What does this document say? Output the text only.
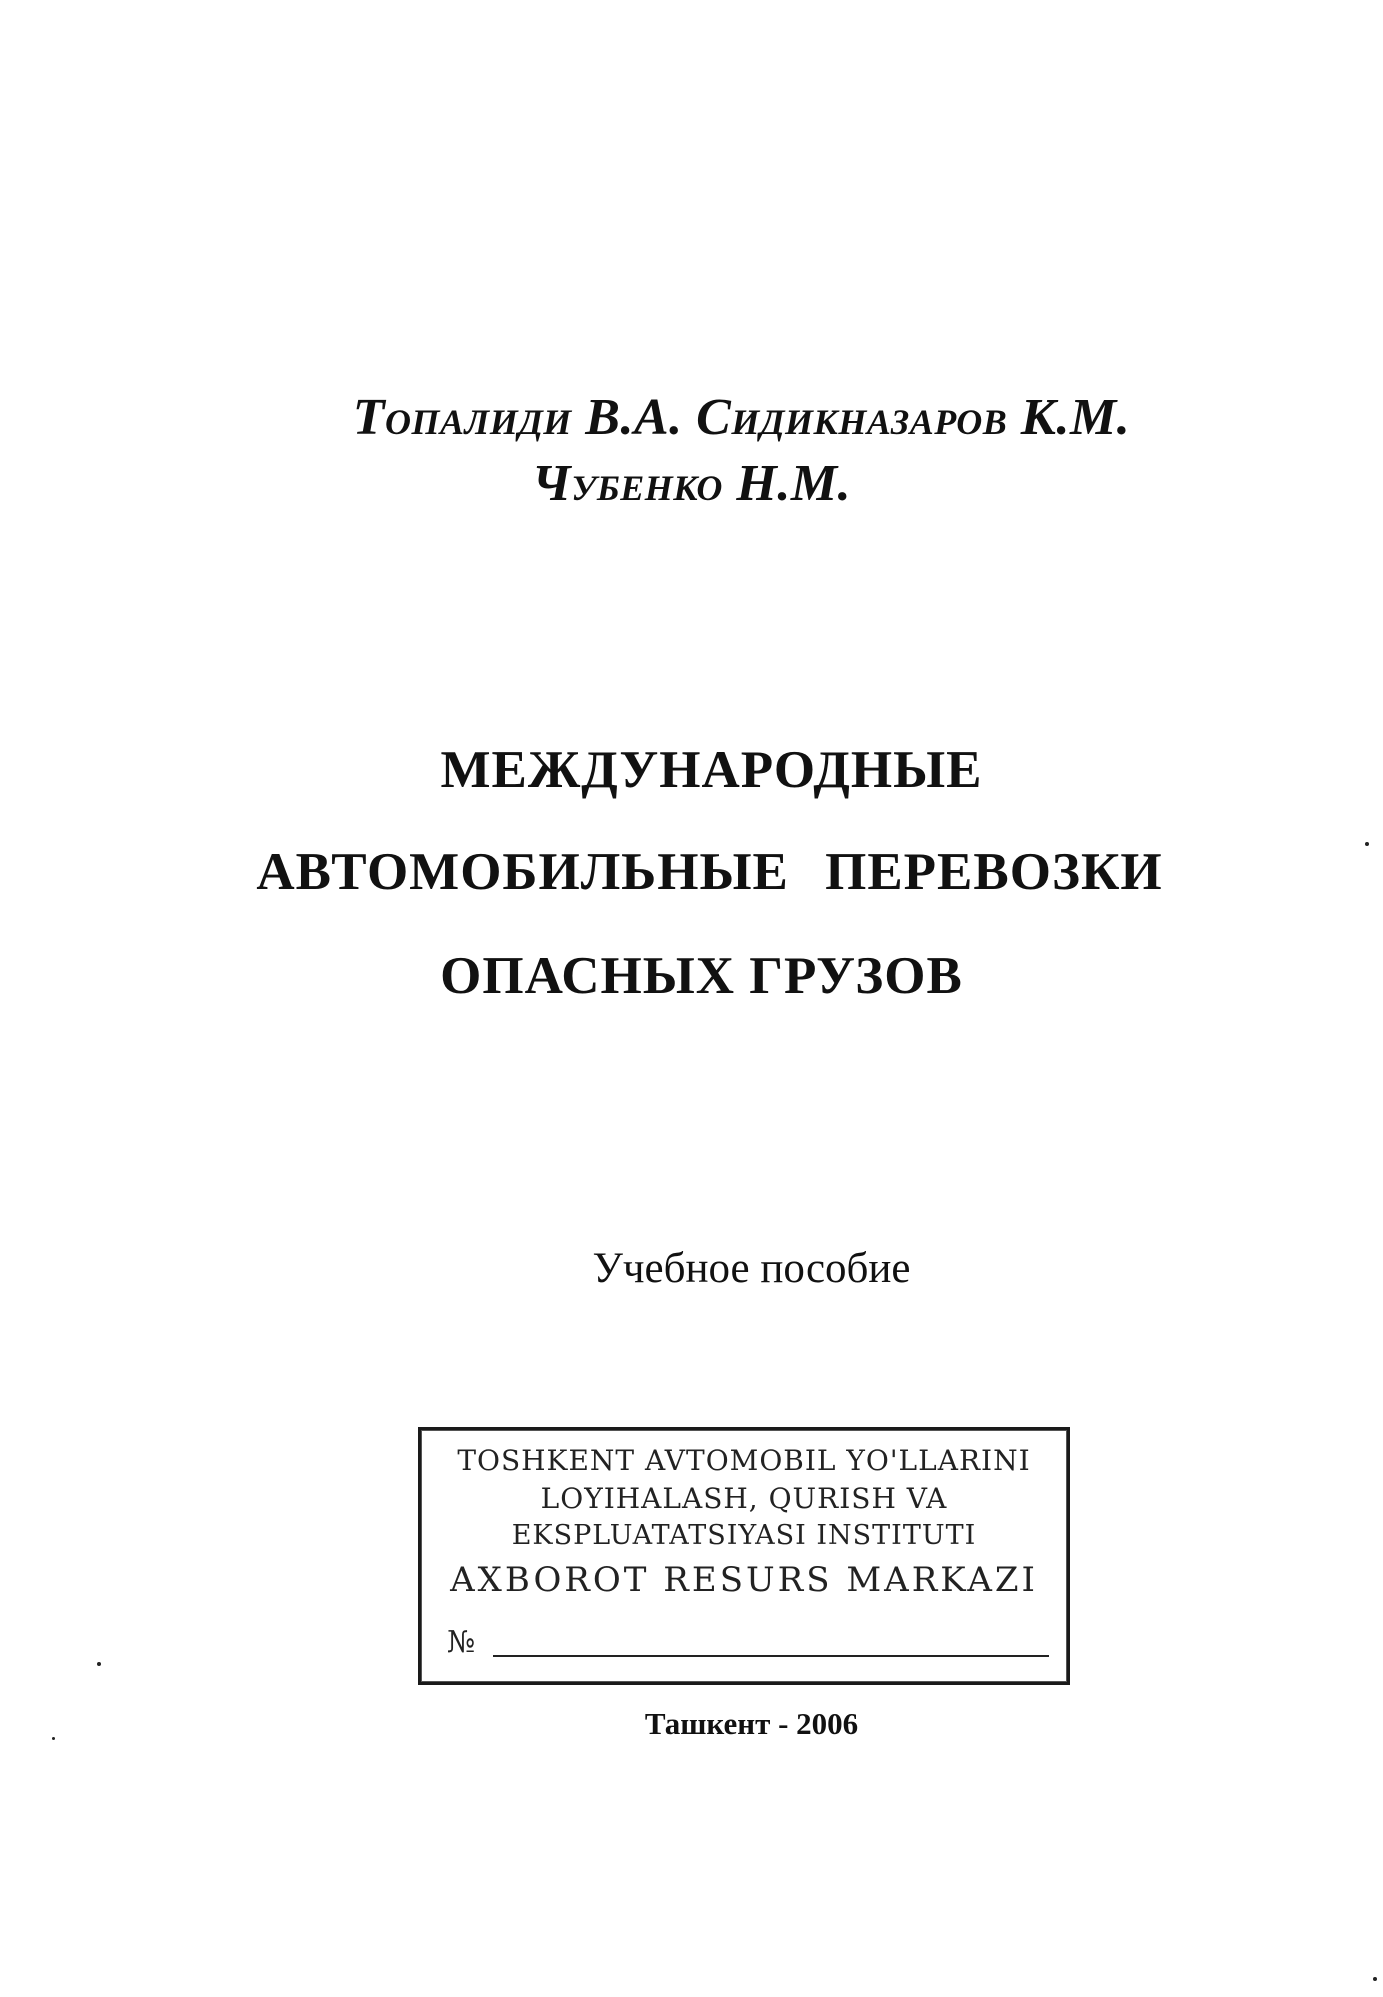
Топалиди В.А. Сидикназаров К.М.
Чубенко Н.М.
МЕЖДУНАРОДНЫЕ
АВТОМОБИЛЬНЫЕ ПЕРЕВОЗКИ
ОПАСНЫХ ГРУЗОВ
Учебное пособие
TOSHKENT AVTOMOBIL YO'LLARINI
LOYIHALASH, QURISH VA
EKSPLUATATSIYASI INSTITUTI
AXBOROT RESURS MARKAZI
№
Ташкент - 2006
